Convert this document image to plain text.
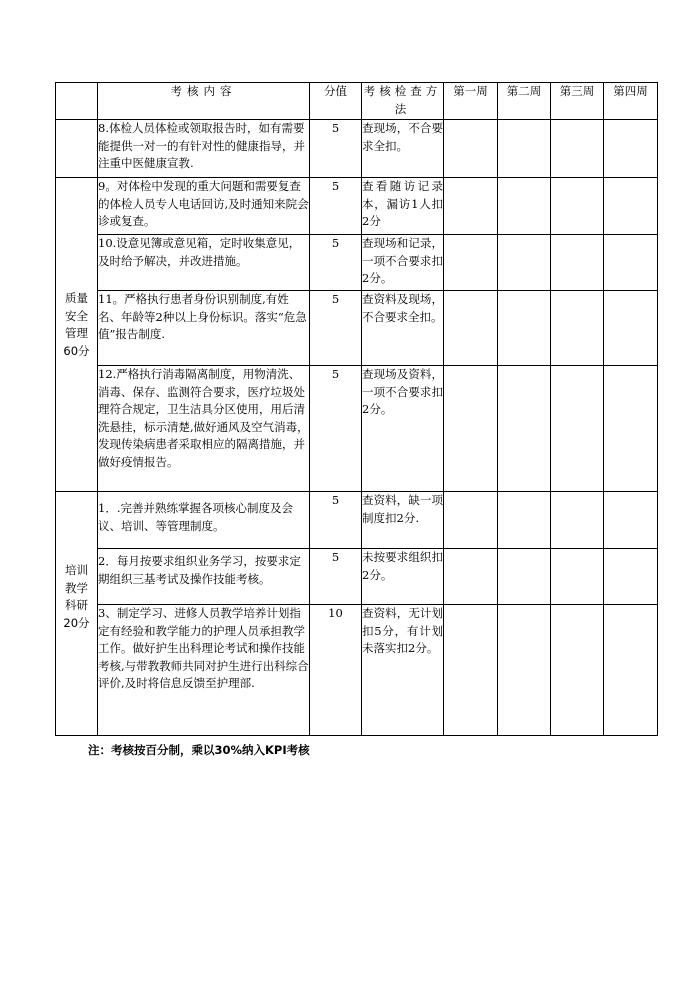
	考核内容	分值	考核检查方法	第一周	第二周	第三周	第四周
	8.体检人员体检或领取报告时，如有需要能提供一对一的有针对性的健康指导，并注重中医健康宣教.	5	查现场，不合要求全扣。				

质量安全管理60分	9。对体检中发现的重大问题和需要复查的体检人员专人电话回访,及时通知来院会诊或复查。	5	查看随访记录本，漏访1人扣2分				
	10.设意见簿或意见箱，定时收集意见，及时给予解决，并改进措施。	5	查现场和记录，一项不合要求扣2分。				
	11。严格执行患者身份识别制度,有姓名、年龄等2种以上身份标识。落实“危急值”报告制度.	5	查资料及现场，不合要求全扣。				
	12.严格执行消毒隔离制度，用物清洗、消毒、保存、监测符合要求，医疗垃圾处理符合规定，卫生洁具分区使用，用后清洗悬挂，标示清楚,做好通风及空气消毒，发现传染病患者采取相应的隔离措施，并做好疫情报告。	5	查现场及资料，一项不合要求扣2分。				

培训教学科研20分	1．.完善并熟练掌握各项核心制度及会议、培训、等管理制度。	5	查资料，缺一项制度扣2分.				
	2．每月按要求组织业务学习，按要求定期组织三基考试及操作技能考核。	5	未按要求组织扣2分。				
	3、制定学习、进修人员教学培养计划指定有经验和教学能力的护理人员承担教学工作。做好护生出科理论考试和操作技能考核,与带教教师共同对护生进行出科综合评价,及时将信息反馈至护理部.	10	查资料，无计划扣5分，有计划未落实扣2分。				
注：考核按百分制，乘以30%纳入KPI考核
